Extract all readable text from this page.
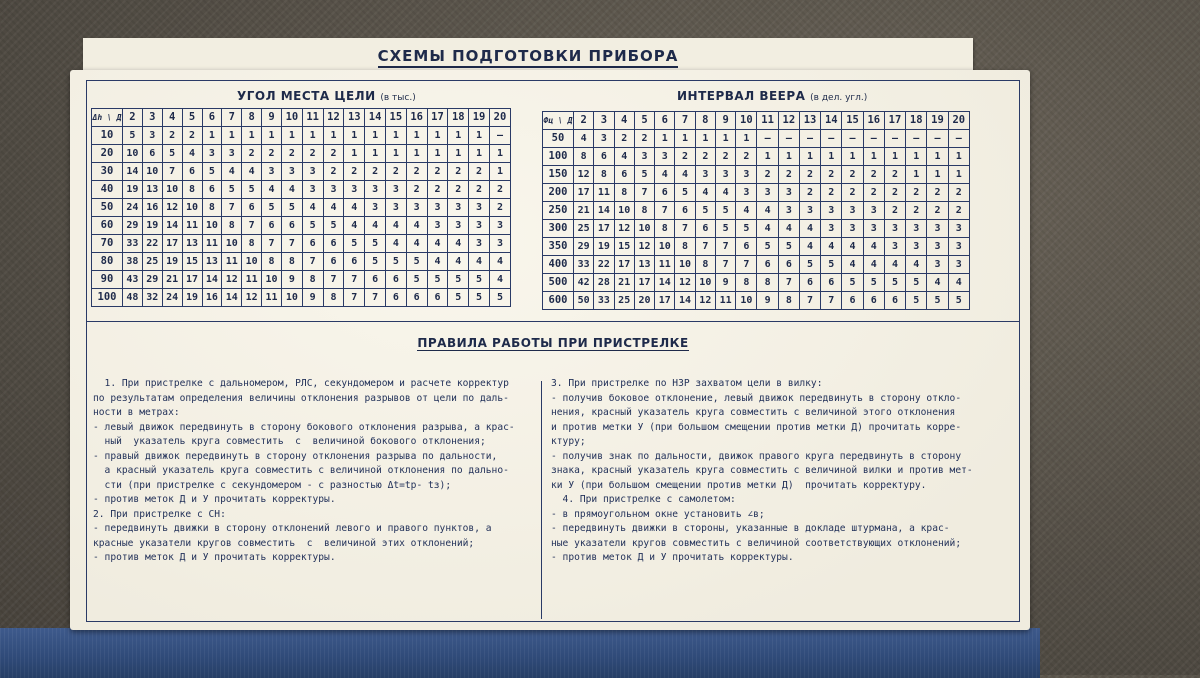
СХЕМЫ ПОДГОТОВКИ ПРИБОРА
УГОЛ МЕСТА ЦЕЛИ (в тыс.)
Δh \ Д	2	3	4	5	6	7	8	9	10	11	12	13	14	15	16	17	18	19	20
10	5	3	2	2	1	1	1	1	1	1	1	1	1	1	1	1	1	1	—
20	10	6	5	4	3	3	2	2	2	2	2	1	1	1	1	1	1	1	1
30	14	10	7	6	5	4	4	3	3	3	2	2	2	2	2	2	2	2	1
40	19	13	10	8	6	5	5	4	4	3	3	3	3	3	2	2	2	2	2
50	24	16	12	10	8	7	6	5	5	4	4	4	3	3	3	3	3	3	2
60	29	19	14	11	10	8	7	6	6	5	5	4	4	4	4	3	3	3	3
70	33	22	17	13	11	10	8	7	7	6	6	5	5	4	4	4	4	3	3
80	38	25	19	15	13	11	10	8	8	7	6	6	5	5	5	4	4	4	4
90	43	29	21	17	14	12	11	10	9	8	7	7	6	6	5	5	5	5	4
100	48	32	24	19	16	14	12	11	10	9	8	7	7	6	6	6	5	5	5
ИНТЕРВАЛ ВЕЕРА (в дел. угл.)
Фц \ Д	2	3	4	5	6	7	8	9	10	11	12	13	14	15	16	17	18	19	20
50	4	3	2	2	1	1	1	1	1	—	—	—	—	—	—	—	—	—	—
100	8	6	4	3	3	2	2	2	2	1	1	1	1	1	1	1	1	1	1
150	12	8	6	5	4	4	3	3	3	2	2	2	2	2	2	2	1	1	1
200	17	11	8	7	6	5	4	4	3	3	3	2	2	2	2	2	2	2	2
250	21	14	10	8	7	6	5	5	4	4	3	3	3	3	3	2	2	2	2
300	25	17	12	10	8	7	6	5	5	4	4	4	3	3	3	3	3	3	3
350	29	19	15	12	10	8	7	7	6	5	5	4	4	4	4	3	3	3	3
400	33	22	17	13	11	10	8	7	7	6	6	5	5	4	4	4	4	3	3
500	42	28	21	17	14	12	10	9	8	8	7	6	6	5	5	5	5	4	4
600	50	33	25	20	17	14	12	11	10	9	8	7	7	6	6	6	5	5	5
ПРАВИЛА РАБОТЫ ПРИ ПРИСТРЕЛКЕ

1. При пристрелке с дальномером, РЛС, секундомером и расчете корректур

по результатам определения величины отклонения разрывов от цели по даль-

ности в метрах:

- левый движок передвинуть в сторону бокового отклонения разрыва, а крас-

ный  указатель круга совместить  с  величиной бокового отклонения;

- правый движок передвинуть в сторону отклонения разрыва по дальности,

а красный указатель круга совместить с величиной отклонения по дально-

сти (при пристрелке с секундомером - с разностью Δt=tр- tз);

- против меток Д и У прочитать корректуры.

2. При пристрелке с СН:

- передвинуть движки в сторону отклонений левого и правого пунктов, а

красные указатели кругов совместить  с  величиной этих отклонений;

- против меток Д и У прочитать корректуры.

3. При пристрелке по НЗР захватом цели в вилку:

- получив боковое отклонение, левый движок передвинуть в сторону откло-

нения, красный указатель круга совместить с величиной этого отклонения

и против метки У (при большом смещении против метки Д) прочитать корре-

ктуру;

- получив знак по дальности, движок правого круга передвинуть в сторону

знака, красный указатель круга совместить с величиной вилки и против мет-

ки У (при большом смещении против метки Д)  прочитать корректуру.

4. При пристрелке с самолетом:

- в прямоугольном окне установить ∠в;

- передвинуть движки в стороны, указанные в докладе штурмана, а крас-

ные указатели кругов совместить с величиной соответствующих отклонений;

- против меток Д и У прочитать корректуры.
